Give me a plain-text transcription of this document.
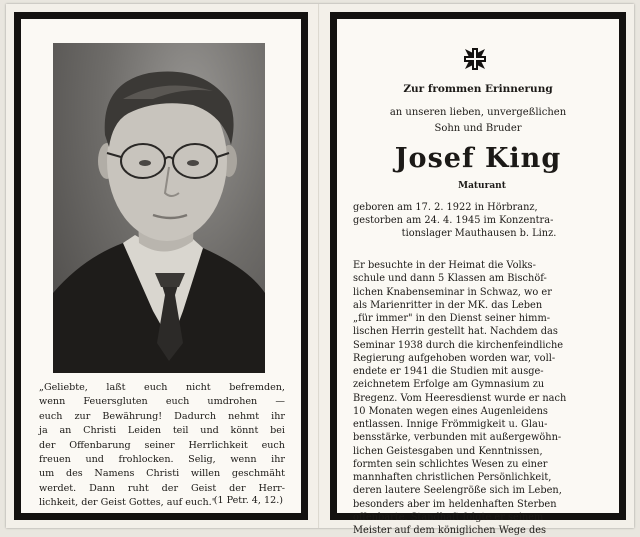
„Geliebte, laßt euch nicht befremden,
wenn Feuersgluten euch umdrohen —
euch zur Bewährung! Dadurch nehmt ihr
ja an Christi Leiden teil und könnt bei
der Offenbarung seiner Herrlichkeit euch
freuen und frohlocken. Selig, wenn ihr
um des Namens Christi willen geschmäht
werdet. Dann ruht der Geist der Herr-
lichkeit, der Geist Gottes, auf euch."
(1 Petr. 4, 12.)
Zur frommen Erinnerung
an unseren lieben, unvergeßlichen
Sohn und Bruder
Josef King
Maturant
geboren am 17. 2. 1922 in Hörbranz,
gestorben am 24. 4. 1945 im Konzentra-
tionslager Mauthausen b. Linz.
Er besuchte in der Heimat die Volks-
schule und dann 5 Klassen am Bischöf-
lichen Knabenseminar in Schwaz, wo er
als Marienritter in der MK. das Leben
„für immer" in den Dienst seiner himm-
lischen Herrin gestellt hat. Nachdem das
Seminar 1938 durch die kirchenfeindliche
Regierung aufgehoben worden war, voll-
endete er 1941 die Studien mit ausge-
zeichnetem Erfolge am Gymnasium zu
Bregenz. Vom Heeresdienst wurde er nach
10 Monaten wegen eines Augenleidens
entlassen. Innige Frömmigkeit u. Glau-
bensstärke, verbunden mit außergewöhn-
lichen Geistesgaben und Kenntnissen,
formten sein schlichtes Wesen zu einer
mannhaften christlichen Persönlichkeit,
deren lautere Seelengröße sich im Leben,
besonders aber im heldenhaften Sterben
offenbarte. Standhaft folgte er seinem
Meister auf dem königlichen Wege des
